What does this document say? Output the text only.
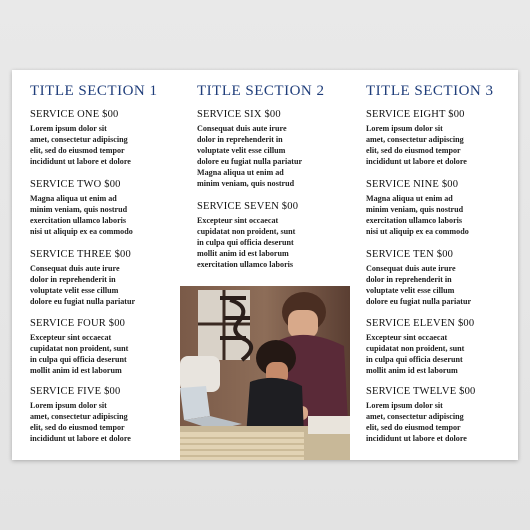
TITLE SECTION 1
SERVICE ONE $00
Lorem ipsum dolor sit
amet, consectetur adipiscing
elit, sed do eiusmod tempor
incididunt ut labore et dolore
SERVICE TWO $00
Magna aliqua ut enim ad
minim veniam, quis nostrud
exercitation ullamco laboris
nisi ut aliquip ex ea commodo
SERVICE THREE $00
Consequat duis aute irure
dolor in reprehenderit in
voluptate velit esse cillum
dolore eu fugiat nulla pariatur
SERVICE FOUR $00
Excepteur sint occaecat
cupidatat non proident, sunt
in culpa qui officia deserunt
mollit anim id est laborum
SERVICE FIVE $00
Lorem ipsum dolor sit
amet, consectetur adipiscing
elit, sed do eiusmod tempor
incididunt ut labore et dolore
TITLE SECTION 2
SERVICE SIX $00
Consequat duis aute irure
dolor in reprehenderit in
voluptate velit esse cillum
dolore eu fugiat nulla pariatur
Magna aliqua ut enim ad
minim veniam, quis nostrud
SERVICE SEVEN $00
Excepteur sint occaecat
cupidatat non proident, sunt
in culpa qui officia deserunt
mollit anim id est laborum
exercitation ullamco laboris
TITLE SECTION 3
SERVICE EIGHT $00
Lorem ipsum dolor sit
amet, consectetur adipiscing
elit, sed do eiusmod tempor
incididunt ut labore et dolore
SERVICE NINE $00
Magna aliqua ut enim ad
minim veniam, quis nostrud
exercitation ullamco laboris
nisi ut aliquip ex ea commodo
SERVICE TEN $00
Consequat duis aute irure
dolor in reprehenderit in
voluptate velit esse cillum
dolore eu fugiat nulla pariatur
SERVICE ELEVEN $00
Excepteur sint occaecat
cupidatat non proident, sunt
in culpa qui officia deserunt
mollit anim id est laborum
SERVICE TWELVE $00
Lorem ipsum dolor sit
amet, consectetur adipiscing
elit, sed do eiusmod tempor
incididunt ut labore et dolore
